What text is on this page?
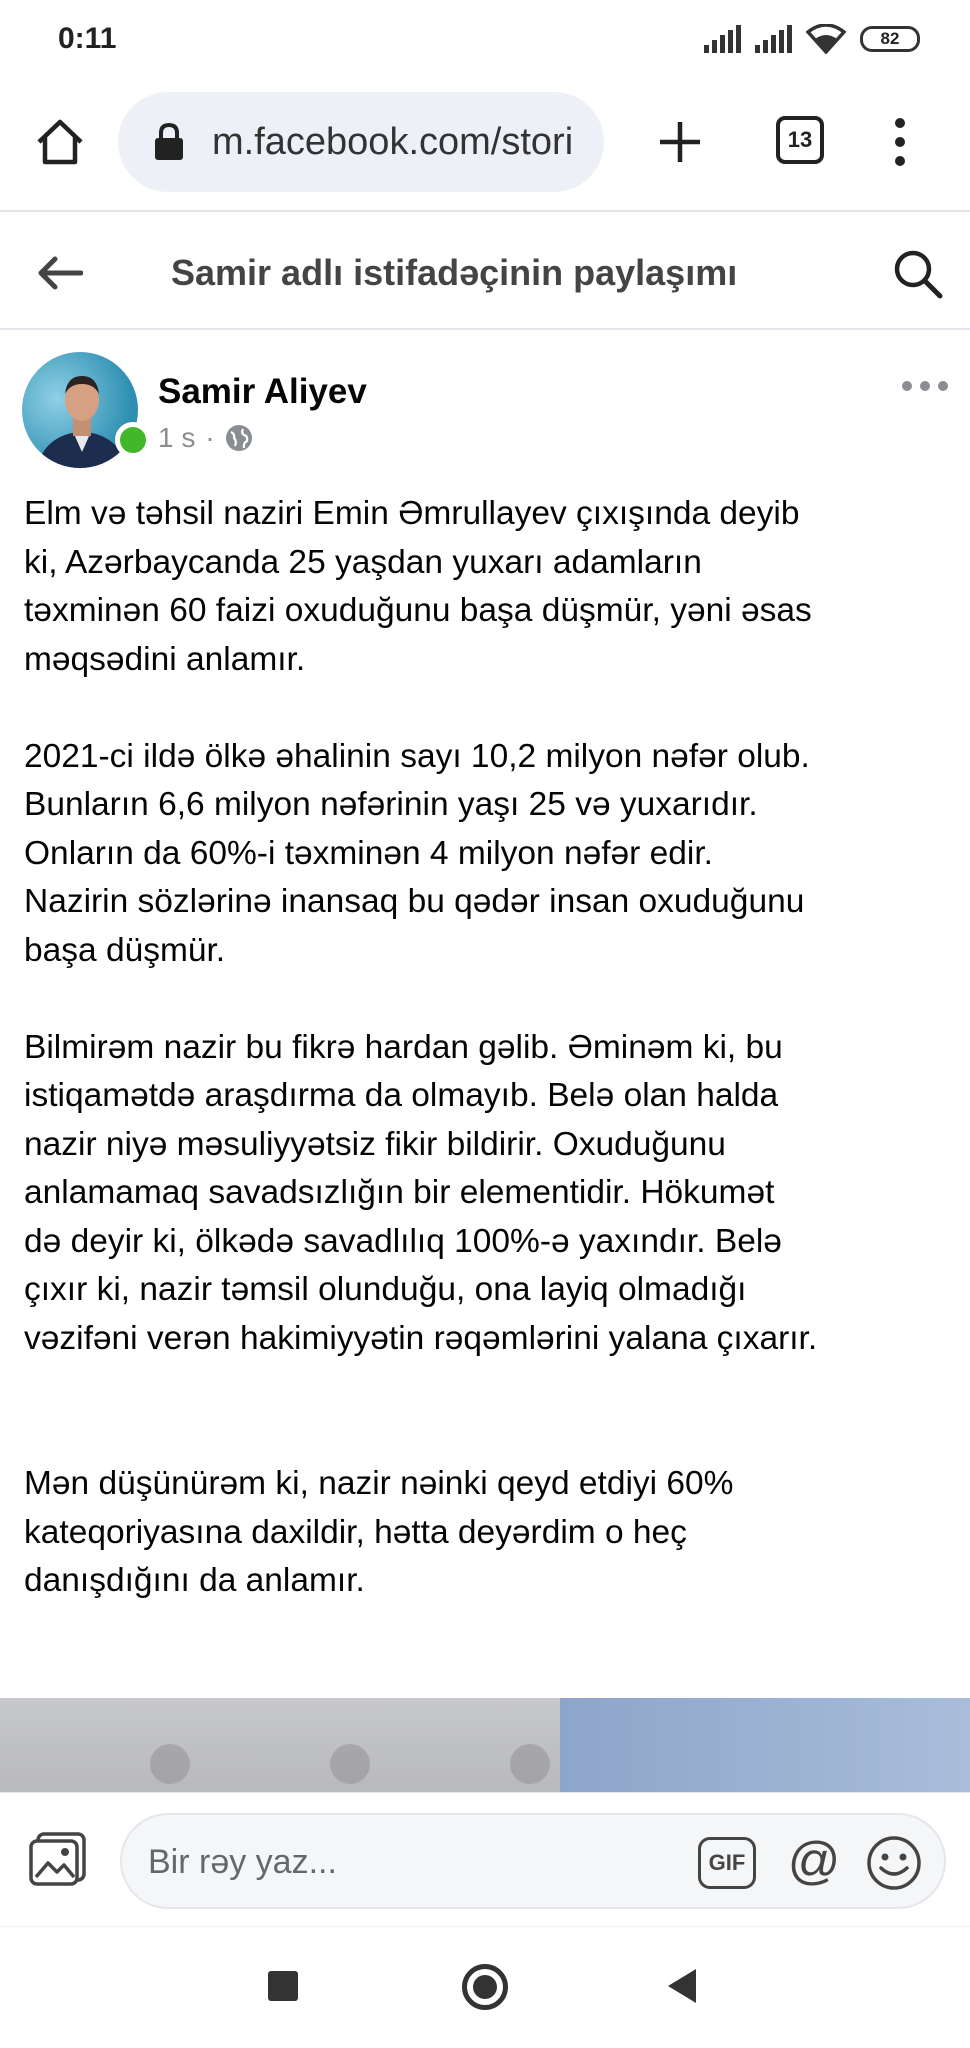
0:11	82
m.facebook.com/stori	13
Samir adlı istifadəçinin paylaşımı
Samir Aliyev
1 s ·

Elm və təhsil naziri Emin Əmrullayev çıxışında deyib
ki, Azərbaycanda 25 yaşdan yuxarı adamların
təxminən 60 faizi oxuduğunu başa düşmür, yəni əsas
məqsədini anlamır.

2021-ci ildə ölkə əhalinin sayı 10,2 milyon nəfər olub.
Bunların 6,6 milyon nəfərinin yaşı 25 və yuxarıdır.
Onların da 60%-i təxminən 4 milyon nəfər edir.
Nazirin sözlərinə inansaq bu qədər insan oxuduğunu
başa düşmür.

Bilmirəm nazir bu fikrə hardan gəlib. Əminəm ki, bu
istiqamətdə araşdırma da olmayıb. Belə olan halda
nazir niyə məsuliyyətsiz fikir bildirir. Oxuduğunu
anlamamaq savadsızlığın bir elementidir. Hökumət
də deyir ki, ölkədə savadlılıq 100%-ə yaxındır. Belə
çıxır ki, nazir təmsil olunduğu, ona layiq olmadığı
vəzifəni verən hakimiyyətin rəqəmlərini yalana çıxarır.

Mən düşünürəm ki, nazir nəinki qeyd etdiyi 60%
kateqoriyasına daxildir, hətta deyərdim o heç
danışdığını da anlamır.

Bir rəy yaz...	GIF @
